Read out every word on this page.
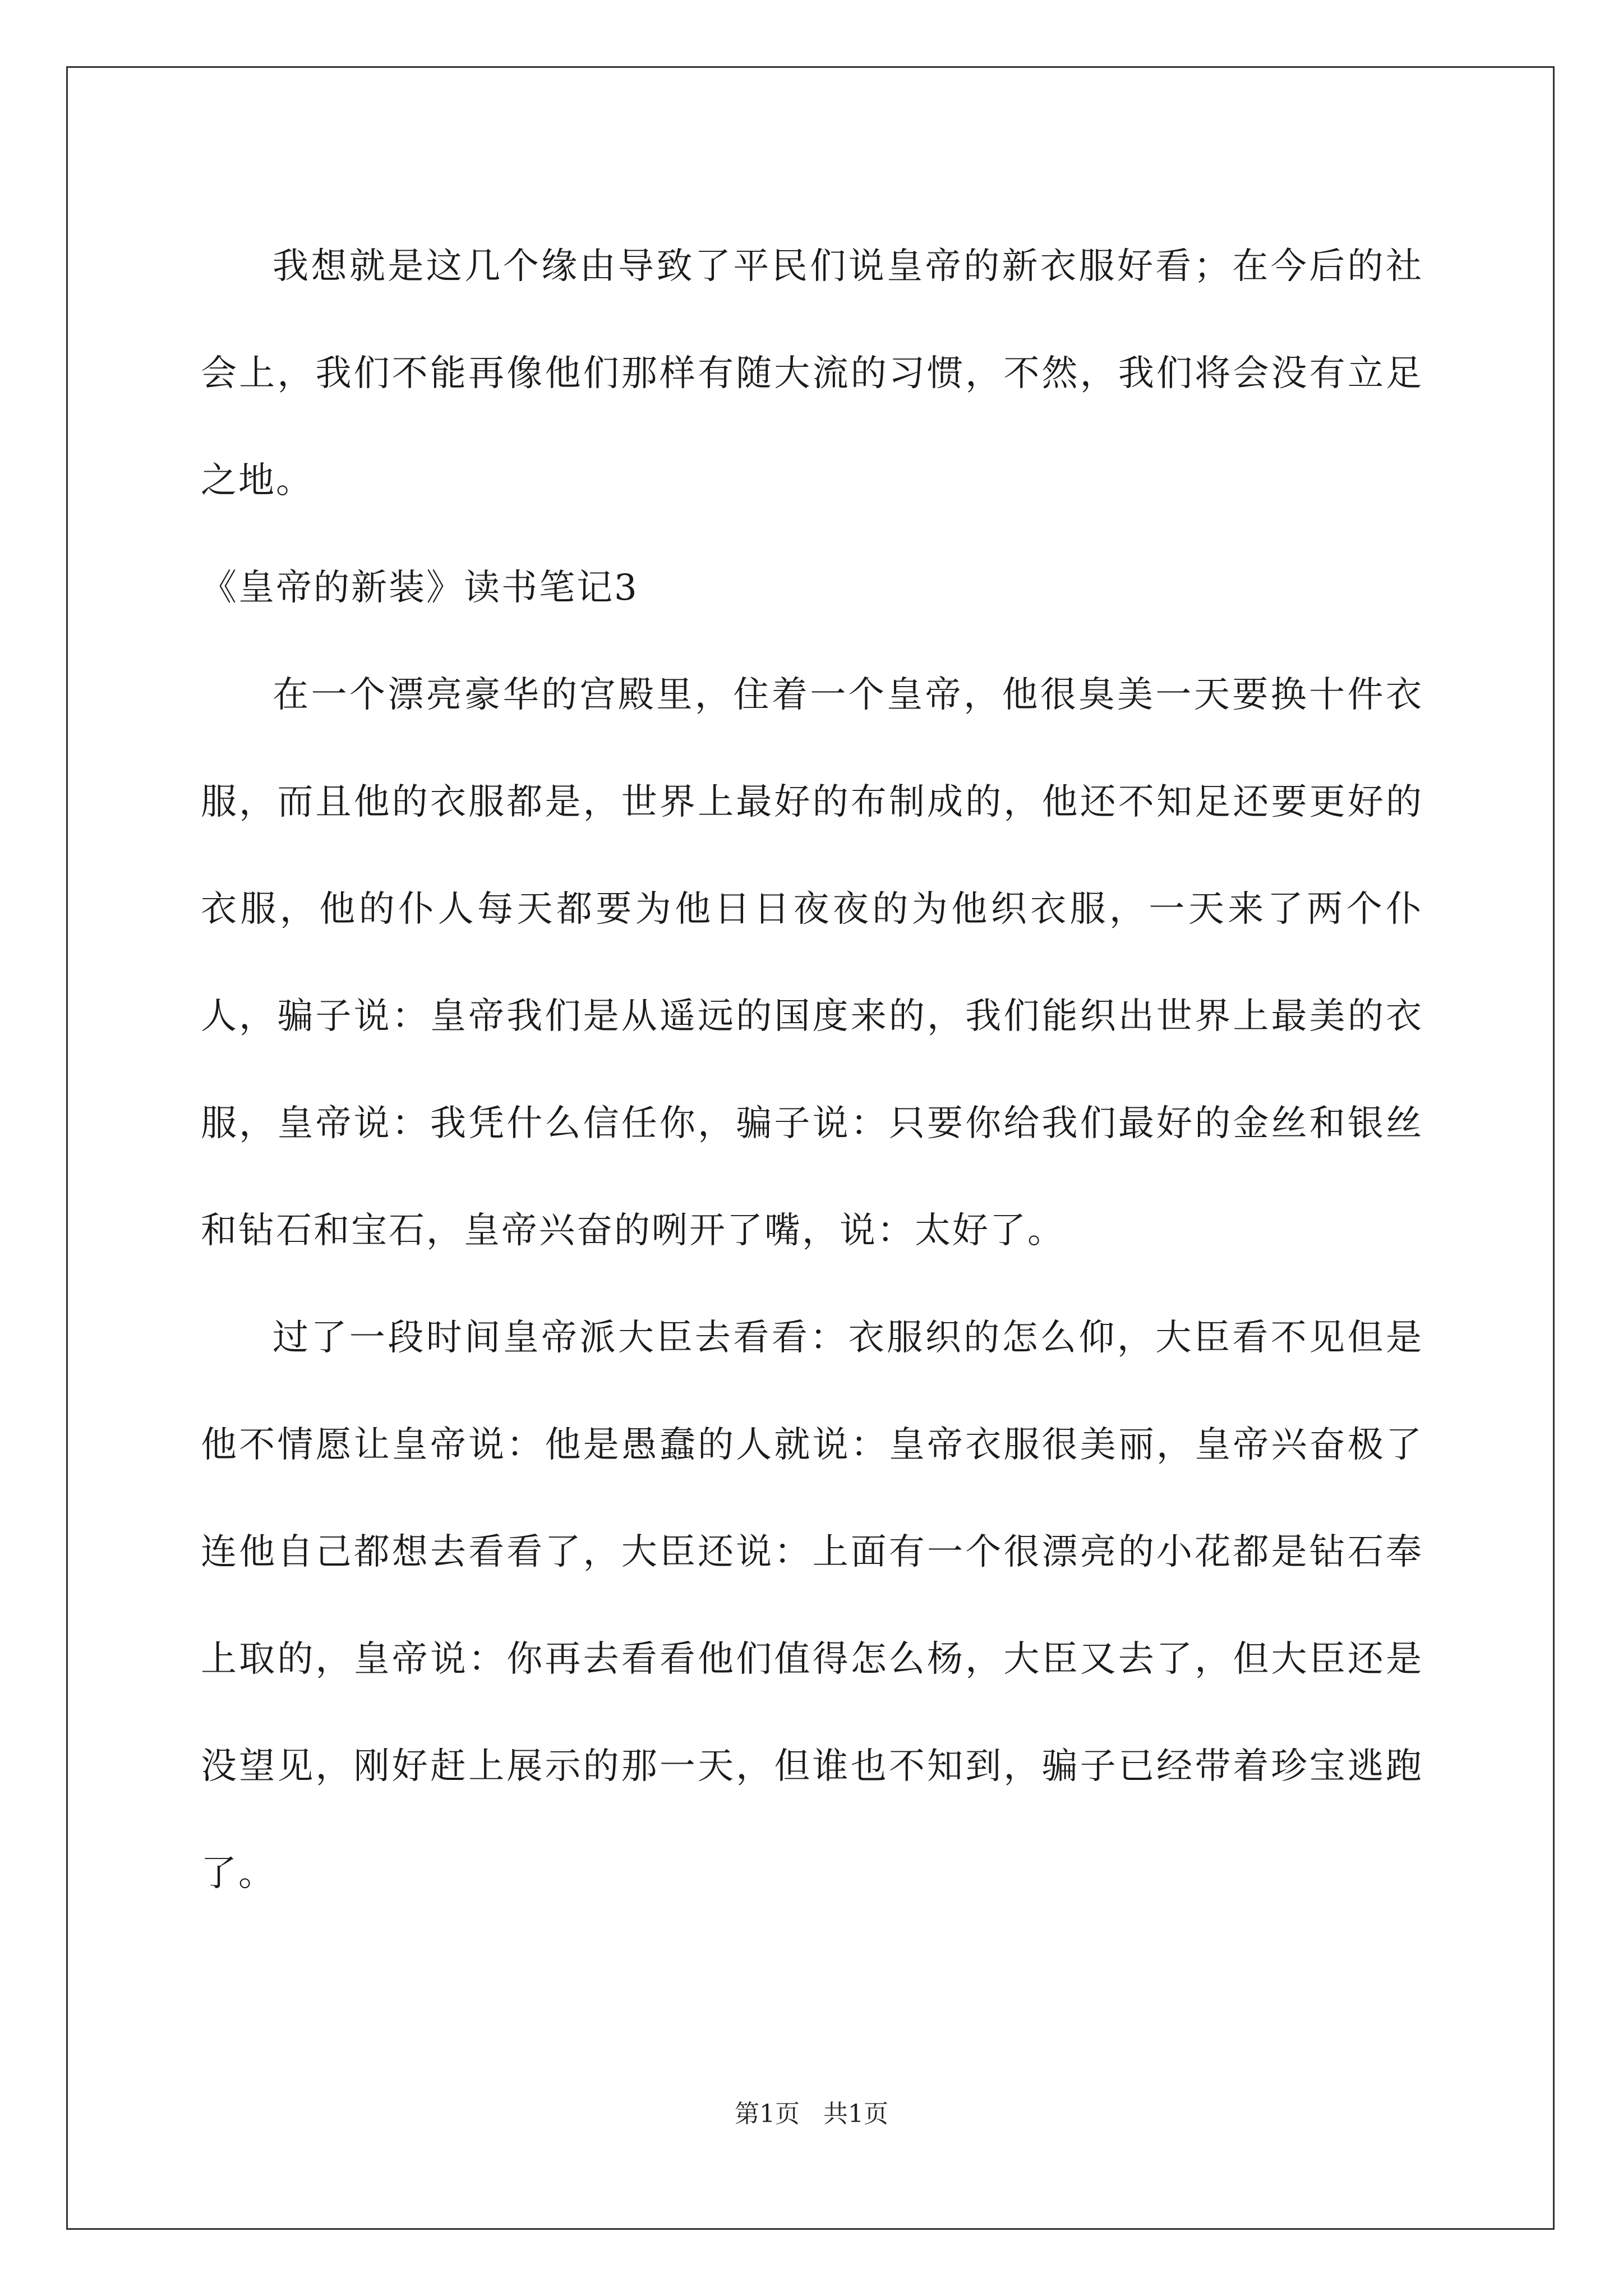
我想就是这几个缘由导致了平民们说皇帝的新衣服好看；在今后的社会上，我们不能再像他们那样有随大流的习惯，不然，我们将会没有立足之地。

《皇帝的新装》读书笔记3

在一个漂亮豪华的宫殿里，住着一个皇帝，他很臭美一天要换十件衣服，而且他的衣服都是，世界上最好的布制成的，他还不知足还要更好的衣服，他的仆人每天都要为他日日夜夜的为他织衣服，一天来了两个仆人，骗子说：皇帝我们是从遥远的国度来的，我们能织出世界上最美的衣服，皇帝说：我凭什么信任你，骗子说：只要你给我们最好的金丝和银丝和钻石和宝石，皇帝兴奋的咧开了嘴，说：太好了。

过了一段时间皇帝派大臣去看看：衣服织的怎么仰，大臣看不见但是他不情愿让皇帝说：他是愚蠢的人就说：皇帝衣服很美丽，皇帝兴奋极了连他自己都想去看看了，大臣还说：上面有一个很漂亮的小花都是钻石奉上取的，皇帝说：你再去看看他们值得怎么杨，大臣又去了，但大臣还是没望见，刚好赶上展示的那一天，但谁也不知到，骗子已经带着珍宝逃跑了。

第1页 共1页
